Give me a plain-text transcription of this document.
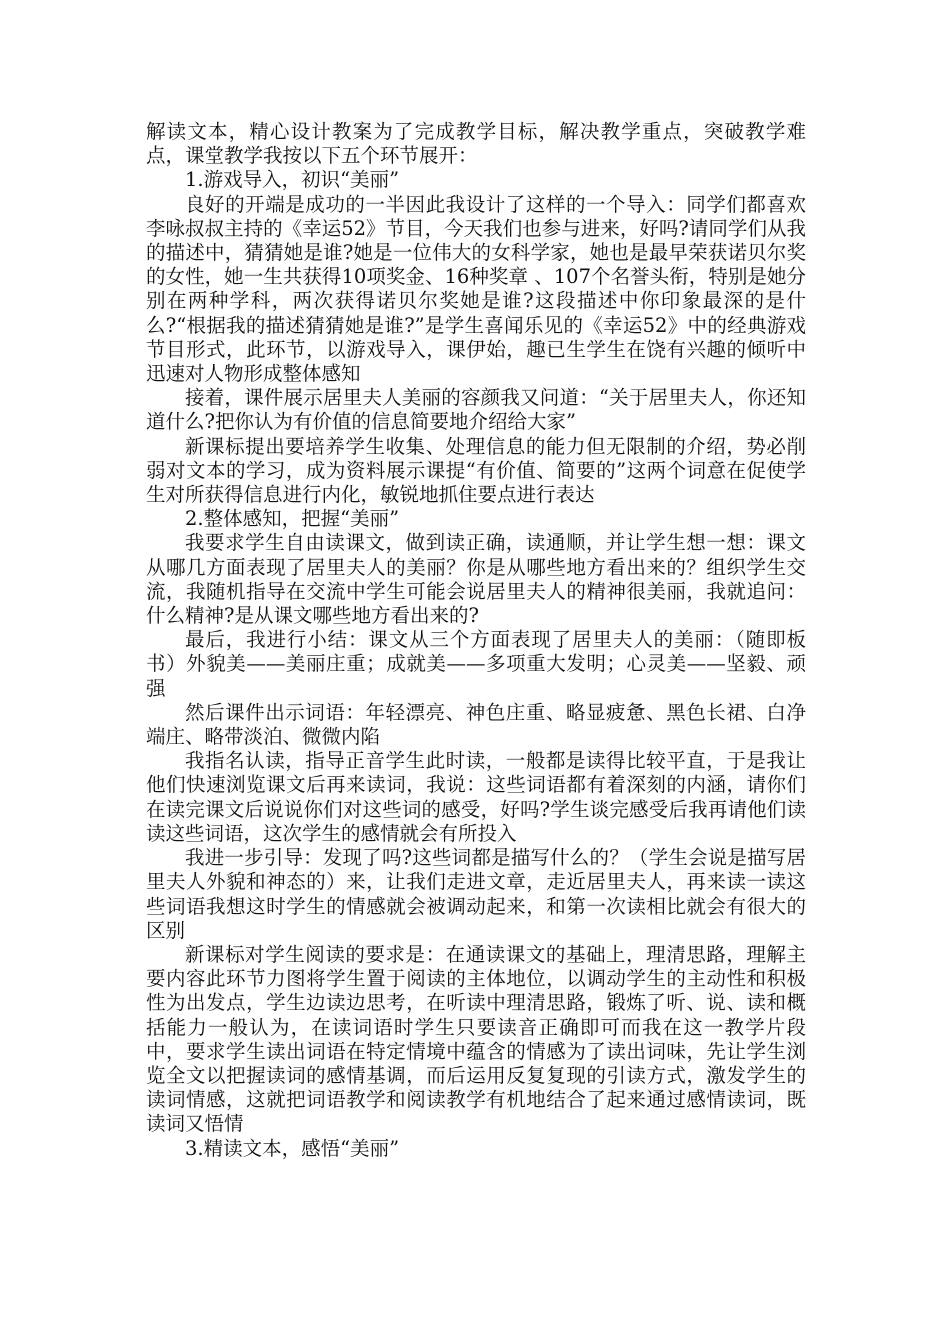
解读文本，精心设计教案为了完成教学目标，解决教学重点，突破教学难点，课堂教学我按以下五个环节展开：

1.游戏导入，初识“美丽”

良好的开端是成功的一半因此我设计了这样的一个导入：同学们都喜欢李咏叔叔主持的《幸运52》节目，今天我们也参与进来，好吗?请同学们从我的描述中，猜猜她是谁?她是一位伟大的女科学家，她也是最早荣获诺贝尔奖的女性，她一生共获得10项奖金、16种奖章 、107个名誉头衔，特别是她分别在两种学科，两次获得诺贝尔奖她是谁?这段描述中你印象最深的是什么?“根据我的描述猜猜她是谁?”是学生喜闻乐见的《幸运52》中的经典游戏节目形式，此环节，以游戏导入，课伊始，趣已生学生在饶有兴趣的倾听中迅速对人物形成整体感知

接着，课件展示居里夫人美丽的容颜我又问道：“关于居里夫人，你还知道什么?把你认为有价值的信息简要地介绍给大家”

新课标提出要培养学生收集、处理信息的能力但无限制的介绍，势必削弱对文本的学习，成为资料展示课提“有价值、简要的”这两个词意在促使学生对所获得信息进行内化，敏锐地抓住要点进行表达

2.整体感知，把握“美丽”

我要求学生自由读课文，做到读正确，读通顺，并让学生想一想：课文从哪几方面表现了居里夫人的美丽？你是从哪些地方看出来的？组织学生交流，我随机指导在交流中学生可能会说居里夫人的精神很美丽，我就追问：什么精神?是从课文哪些地方看出来的?

最后，我进行小结：课文从三个方面表现了居里夫人的美丽：（随即板书）外貌美——美丽庄重；成就美——多项重大发明；心灵美——坚毅、顽强

然后课件出示词语：年轻漂亮、神色庄重、略显疲惫、黑色长裙、白净端庄、略带淡泊、微微内陷

我指名认读，指导正音学生此时读，一般都是读得比较平直，于是我让他们快速浏览课文后再来读词，我说：这些词语都有着深刻的内涵，请你们在读完课文后说说你们对这些词的感受，好吗?学生谈完感受后我再请他们读读这些词语，这次学生的感情就会有所投入

我进一步引导：发现了吗?这些词都是描写什么的？（学生会说是描写居里夫人外貌和神态的）来，让我们走进文章，走近居里夫人，再来读一读这些词语我想这时学生的情感就会被调动起来，和第一次读相比就会有很大的区别

新课标对学生阅读的要求是：在通读课文的基础上，理清思路，理解主要内容此环节力图将学生置于阅读的主体地位，以调动学生的主动性和积极性为出发点，学生边读边思考，在听读中理清思路，锻炼了听、说、读和概括能力一般认为，在读词语时学生只要读音正确即可而我在这一教学片段中，要求学生读出词语在特定情境中蕴含的情感为了读出词味，先让学生浏览全文以把握读词的感情基调，而后运用反复复现的引读方式，激发学生的读词情感，这就把词语教学和阅读教学有机地结合了起来通过感情读词，既读词又悟情

3.精读文本，感悟“美丽”
